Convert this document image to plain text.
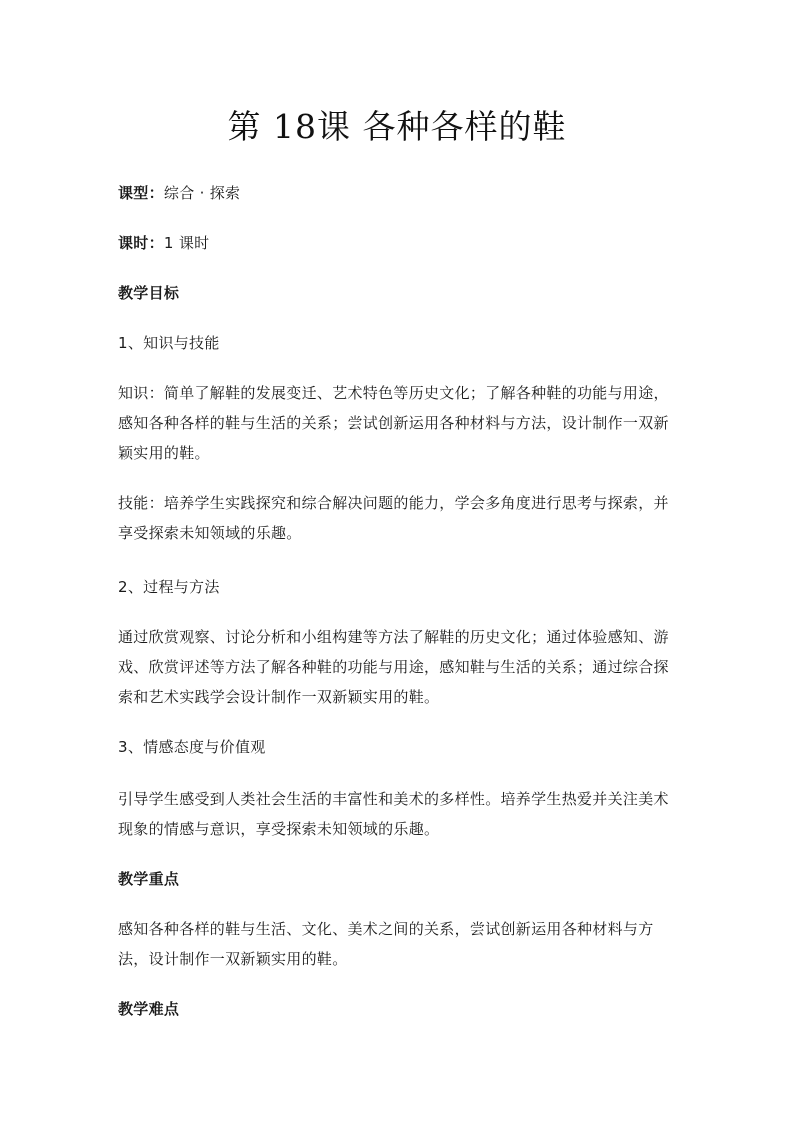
第 18课 各种各样的鞋
课型：综合 · 探索
课时：1 课时
教学目标
1、知识与技能
知识：简单了解鞋的发展变迁、艺术特色等历史文化；了解各种鞋的功能与用途，感知各种各样的鞋与生活的关系；尝试创新运用各种材料与方法，设计制作一双新颖实用的鞋。
技能：培养学生实践探究和综合解决问题的能力，学会多角度进行思考与探索，并享受探索未知领域的乐趣。
2、过程与方法
通过欣赏观察、讨论分析和小组构建等方法了解鞋的历史文化；通过体验感知、游戏、欣赏评述等方法了解各种鞋的功能与用途，感知鞋与生活的关系；通过综合探索和艺术实践学会设计制作一双新颖实用的鞋。
3、情感态度与价值观
引导学生感受到人类社会生活的丰富性和美术的多样性。培养学生热爱并关注美术现象的情感与意识，享受探索未知领域的乐趣。
教学重点
感知各种各样的鞋与生活、文化、美术之间的关系，尝试创新运用各种材料与方法，设计制作一双新颖实用的鞋。
教学难点
